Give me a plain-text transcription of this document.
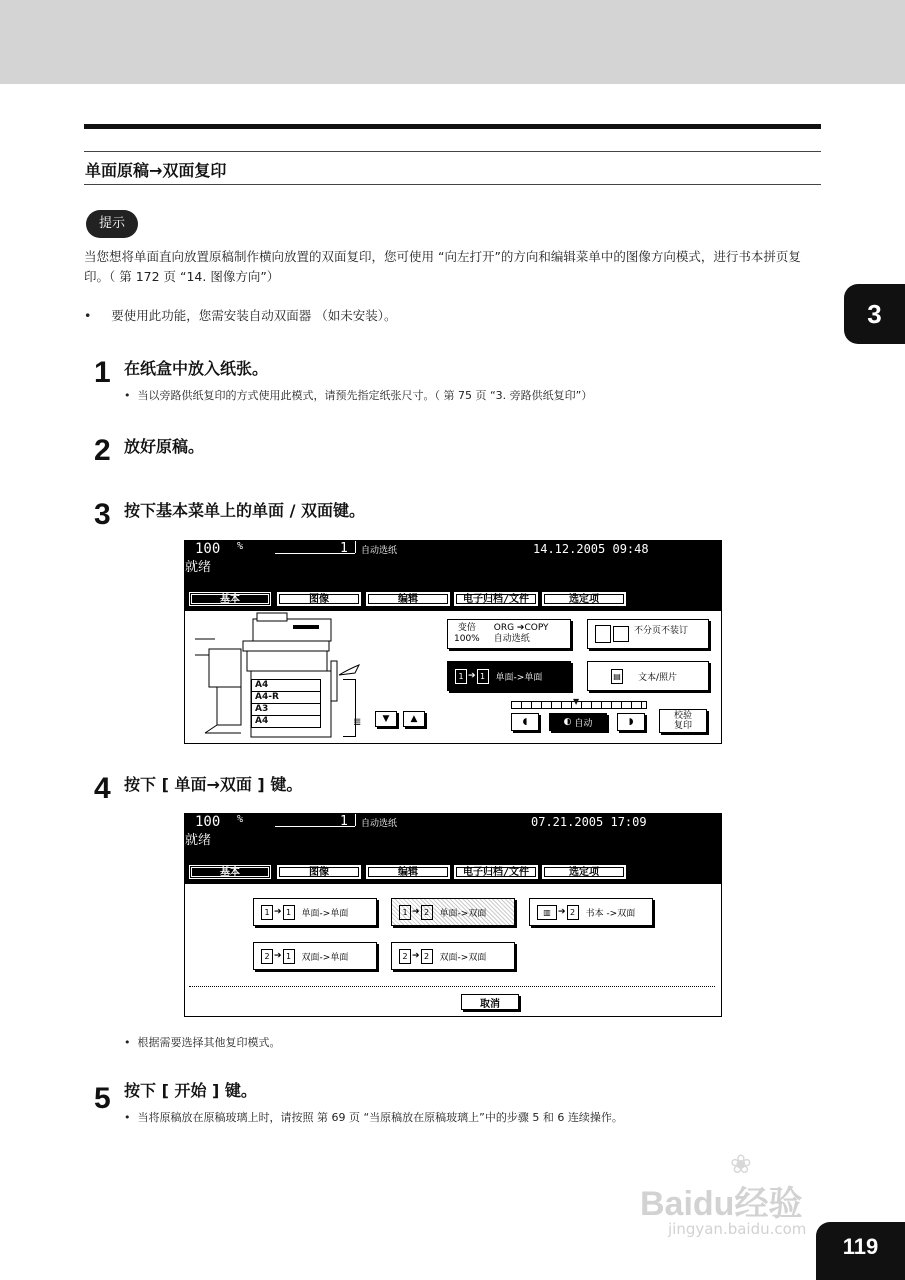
单面原稿→双面复印
提示
当您想将单面直向放置原稿制作横向放置的双面复印，您可使用 “向左打开”的方向和编辑菜单中的图像方向模式，进行书本拼页复印。（ 第 172 页 “14. 图像方向”）
•     要使用此功能，您需安装自动双面器 （如未安装）。	3
1 在纸盒中放入纸张。
•  当以旁路供纸复印的方式使用此模式，请预先指定纸张尺寸。（ 第 75 页 “3. 旁路供纸复印”）
2 放好原稿。
3 按下基本菜单上的单面 / 双面键。
100 %	1 自动选纸	14.12.2005 09:48
就绪
基本	图像	编辑	电子归档/文件	选定项
A4
A4-R
A3
A4	≣	▼	▲
变倍
100%
ORG ➔COPY
自动选纸
不分页不装订
1 ➔ 1	单面->单面	▤ 文本/照片
▼
◖	◐
自动	◗
校验
复印
4 按下 [ 单面→双面 ] 键。
100 %	1 自动选纸	07.21.2005 17:09
就绪
基本	图像	编辑	电子归档/文件	选定项
1 ➔ 1	单面->单面	1 ➔ 2	单面->双面	▥ ➔ 2	书本 ->双面
2 ➔ 1	双面->单面	2 ➔ 2	双面->双面
取消
•  根据需要选择其他复印模式。
5 按下 [ 开始 ] 键。
•  当将原稿放在原稿玻璃上时，请按照 第 69 页 “当原稿放在原稿玻璃上”中的步骤 5 和 6 连续操作。
❀
Baidu经验
jingyan.baidu.com
119
